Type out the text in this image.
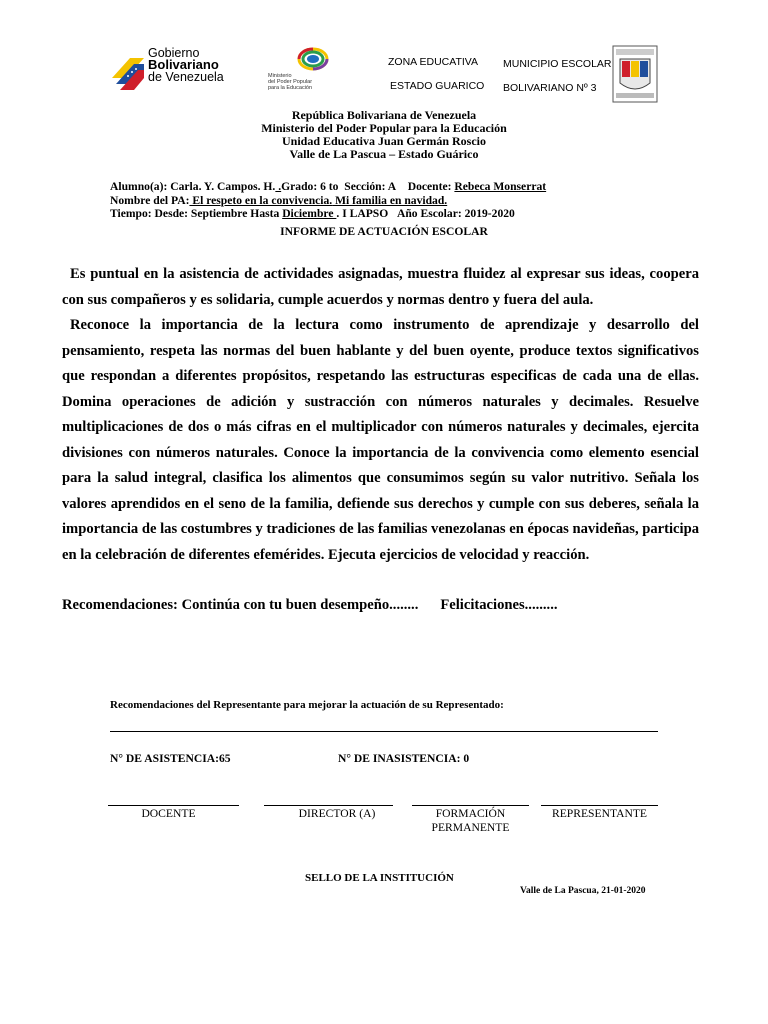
Gobierno
Bolivariano
de Venezuela	Ministerio
del Poder Popular
para la Educación
ZONA EDUCATIVA
ESTADO GUARICO
MUNICIPIO ESCOLAR
BOLIVARIANO Nº 3
República Bolivariana de Venezuela
Ministerio del Poder Popular para la Educación
Unidad Educativa Juan Germán Roscio
Valle de La Pascua – Estado Guárico
Alumno(a): Carla. Y. Campos. H. .Grado: 6 to Sección: A Docente: Rebeca Monserrat
Nombre del PA: El respeto en la convivencia. Mi familia en navidad.
Tiempo: Desde: Septiembre Hasta Diciembre . I LAPSO Año Escolar: 2019-2020
INFORME DE ACTUACIÓN ESCOLAR

Es puntual en la asistencia de actividades asignadas, muestra fluidez al expresar sus ideas, coopera con sus compañeros y es solidaria, cumple acuerdos y normas dentro y fuera del aula.

Reconoce la importancia de la lectura como instrumento de aprendizaje y desarrollo del pensamiento, respeta las normas del buen hablante y del buen oyente, produce textos significativos que respondan a diferentes propósitos, respetando las estructuras especificas de cada una de ellas. Domina operaciones de adición y sustracción con números naturales y decimales. Resuelve multiplicaciones de dos o más cifras en el multiplicador con números naturales y decimales, ejercita divisiones con números naturales. Conoce la importancia de la convivencia como elemento esencial para la salud integral, clasifica los alimentos que consumimos según su valor nutritivo. Señala los valores aprendidos en el seno de la familia, defiende sus derechos y cumple con sus deberes, señala la importancia de las costumbres y tradiciones de las familias venezolanas en épocas navideñas, participa en la celebración de diferentes efemérides. Ejecuta ejercicios de velocidad y reacción.

Recomendaciones: Continúa con tu buen desempeño........ Felicitaciones.........
Recomendaciones del Representante para mejorar la actuación de su Representado:
N° DE ASISTENCIA:65	N° DE INASISTENCIA: 0
DOCENTE	DIRECTOR (A)	FORMACIÓN PERMANENTE
REPRESENTANTE
SELLO DE LA INSTITUCIÓN
Valle de La Pascua, 21-01-2020
